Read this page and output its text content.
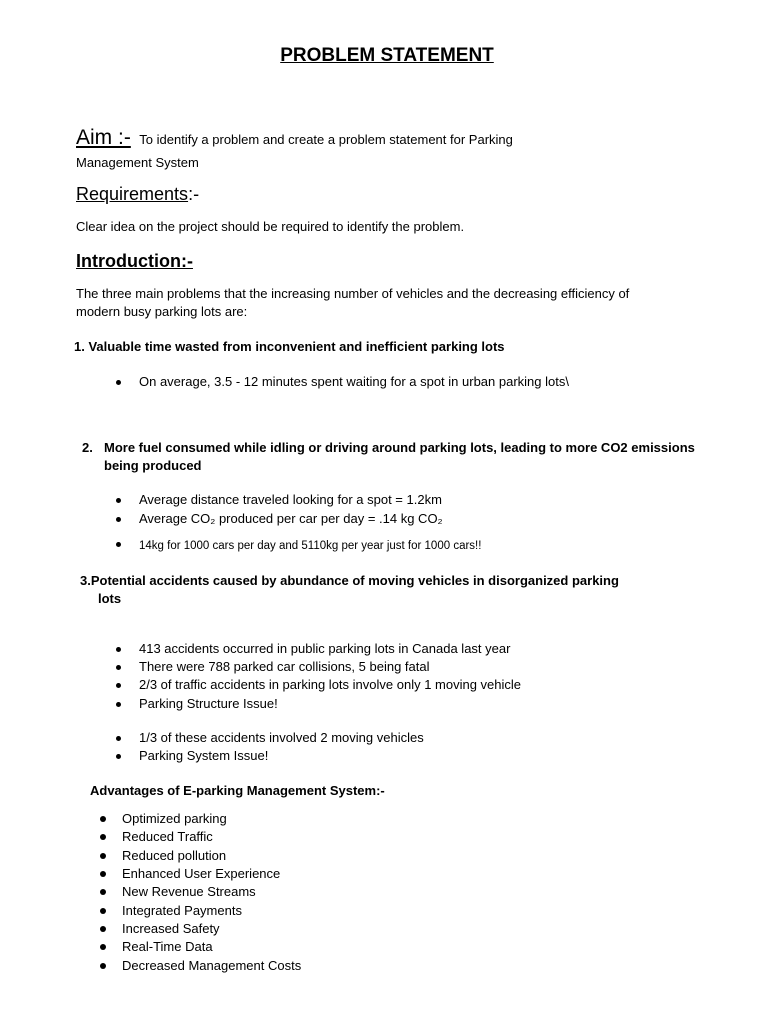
PROBLEM STATEMENT
Aim :- To identify a problem and create a problem statement for Parking
Management System
Requirements:-
Clear idea on the project should be required to identify the problem.
Introduction:-
The three main problems that the increasing number of vehicles and the decreasing efficiency of
modern busy parking lots are:
1. Valuable time wasted from inconvenient and inefficient parking lots
On average, 3.5 - 12 minutes spent waiting for a spot in urban parking lots\
2. More fuel consumed while idling or driving around parking lots, leading to more CO2 emissions
being produced
Average distance traveled looking for a spot = 1.2km
Average CO₂ produced per car per day = .14 kg CO₂
14kg for 1000 cars per day and 5110kg per year just for 1000 cars!!
3.Potential accidents caused by abundance of moving vehicles in disorganized parking
lots
413 accidents occurred in public parking lots in Canada last year
There were 788 parked car collisions, 5 being fatal
2/3 of traffic accidents in parking lots involve only 1 moving vehicle
Parking Structure Issue!
1/3 of these accidents involved 2 moving vehicles
Parking System Issue!
Advantages of E-parking Management System:-
Optimized parking
Reduced Traffic
Reduced pollution
Enhanced User Experience
New Revenue Streams
Integrated Payments
Increased Safety
Real-Time Data
Decreased Management Costs
